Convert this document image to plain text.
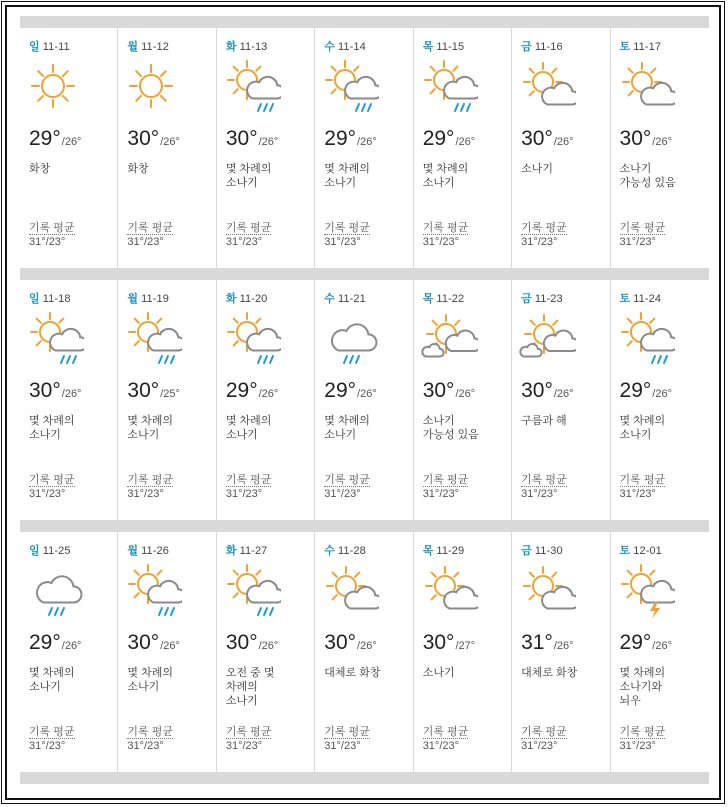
일 11-11
29°/26°
화창
기록 평균
31°/23°
월 11-12
30°/26°
화창
기록 평균
31°/23°
화 11-13
30°/26°
몇 차례의 소나기
기록 평균
31°/23°
수 11-14
29°/26°
몇 차례의 소나기
기록 평균
31°/23°
목 11-15
29°/26°
몇 차례의 소나기
기록 평균
31°/23°
금 11-16
30°/26°
소나기
기록 평균
31°/23°
토 11-17
30°/26°
소나기 가능성 있음
기록 평균
31°/23°
일 11-18
30°/26°
몇 차례의 소나기
기록 평균
31°/23°
월 11-19
30°/25°
몇 차례의 소나기
기록 평균
31°/23°
화 11-20
29°/26°
몇 차례의 소나기
기록 평균
31°/23°
수 11-21
29°/26°
몇 차례의 소나기
기록 평균
31°/23°
목 11-22
30°/26°
소나기 가능성 있음
기록 평균
31°/23°
금 11-23
30°/26°
구름과 해
기록 평균
31°/23°
토 11-24
29°/26°
몇 차례의 소나기
기록 평균
31°/23°
일 11-25
29°/26°
몇 차례의 소나기
기록 평균
31°/23°
월 11-26
30°/26°
몇 차례의 소나기
기록 평균
31°/23°
화 11-27
30°/26°
오전 중 몇 차례의 소나기
기록 평균
31°/23°
수 11-28
30°/26°
대체로 화창
기록 평균
31°/23°
목 11-29
30°/27°
소나기
기록 평균
31°/23°
금 11-30
31°/26°
대체로 화창
기록 평균
31°/23°
토 12-01
29°/26°
몇 차례의 소나기와 뇌우
기록 평균
31°/23°
